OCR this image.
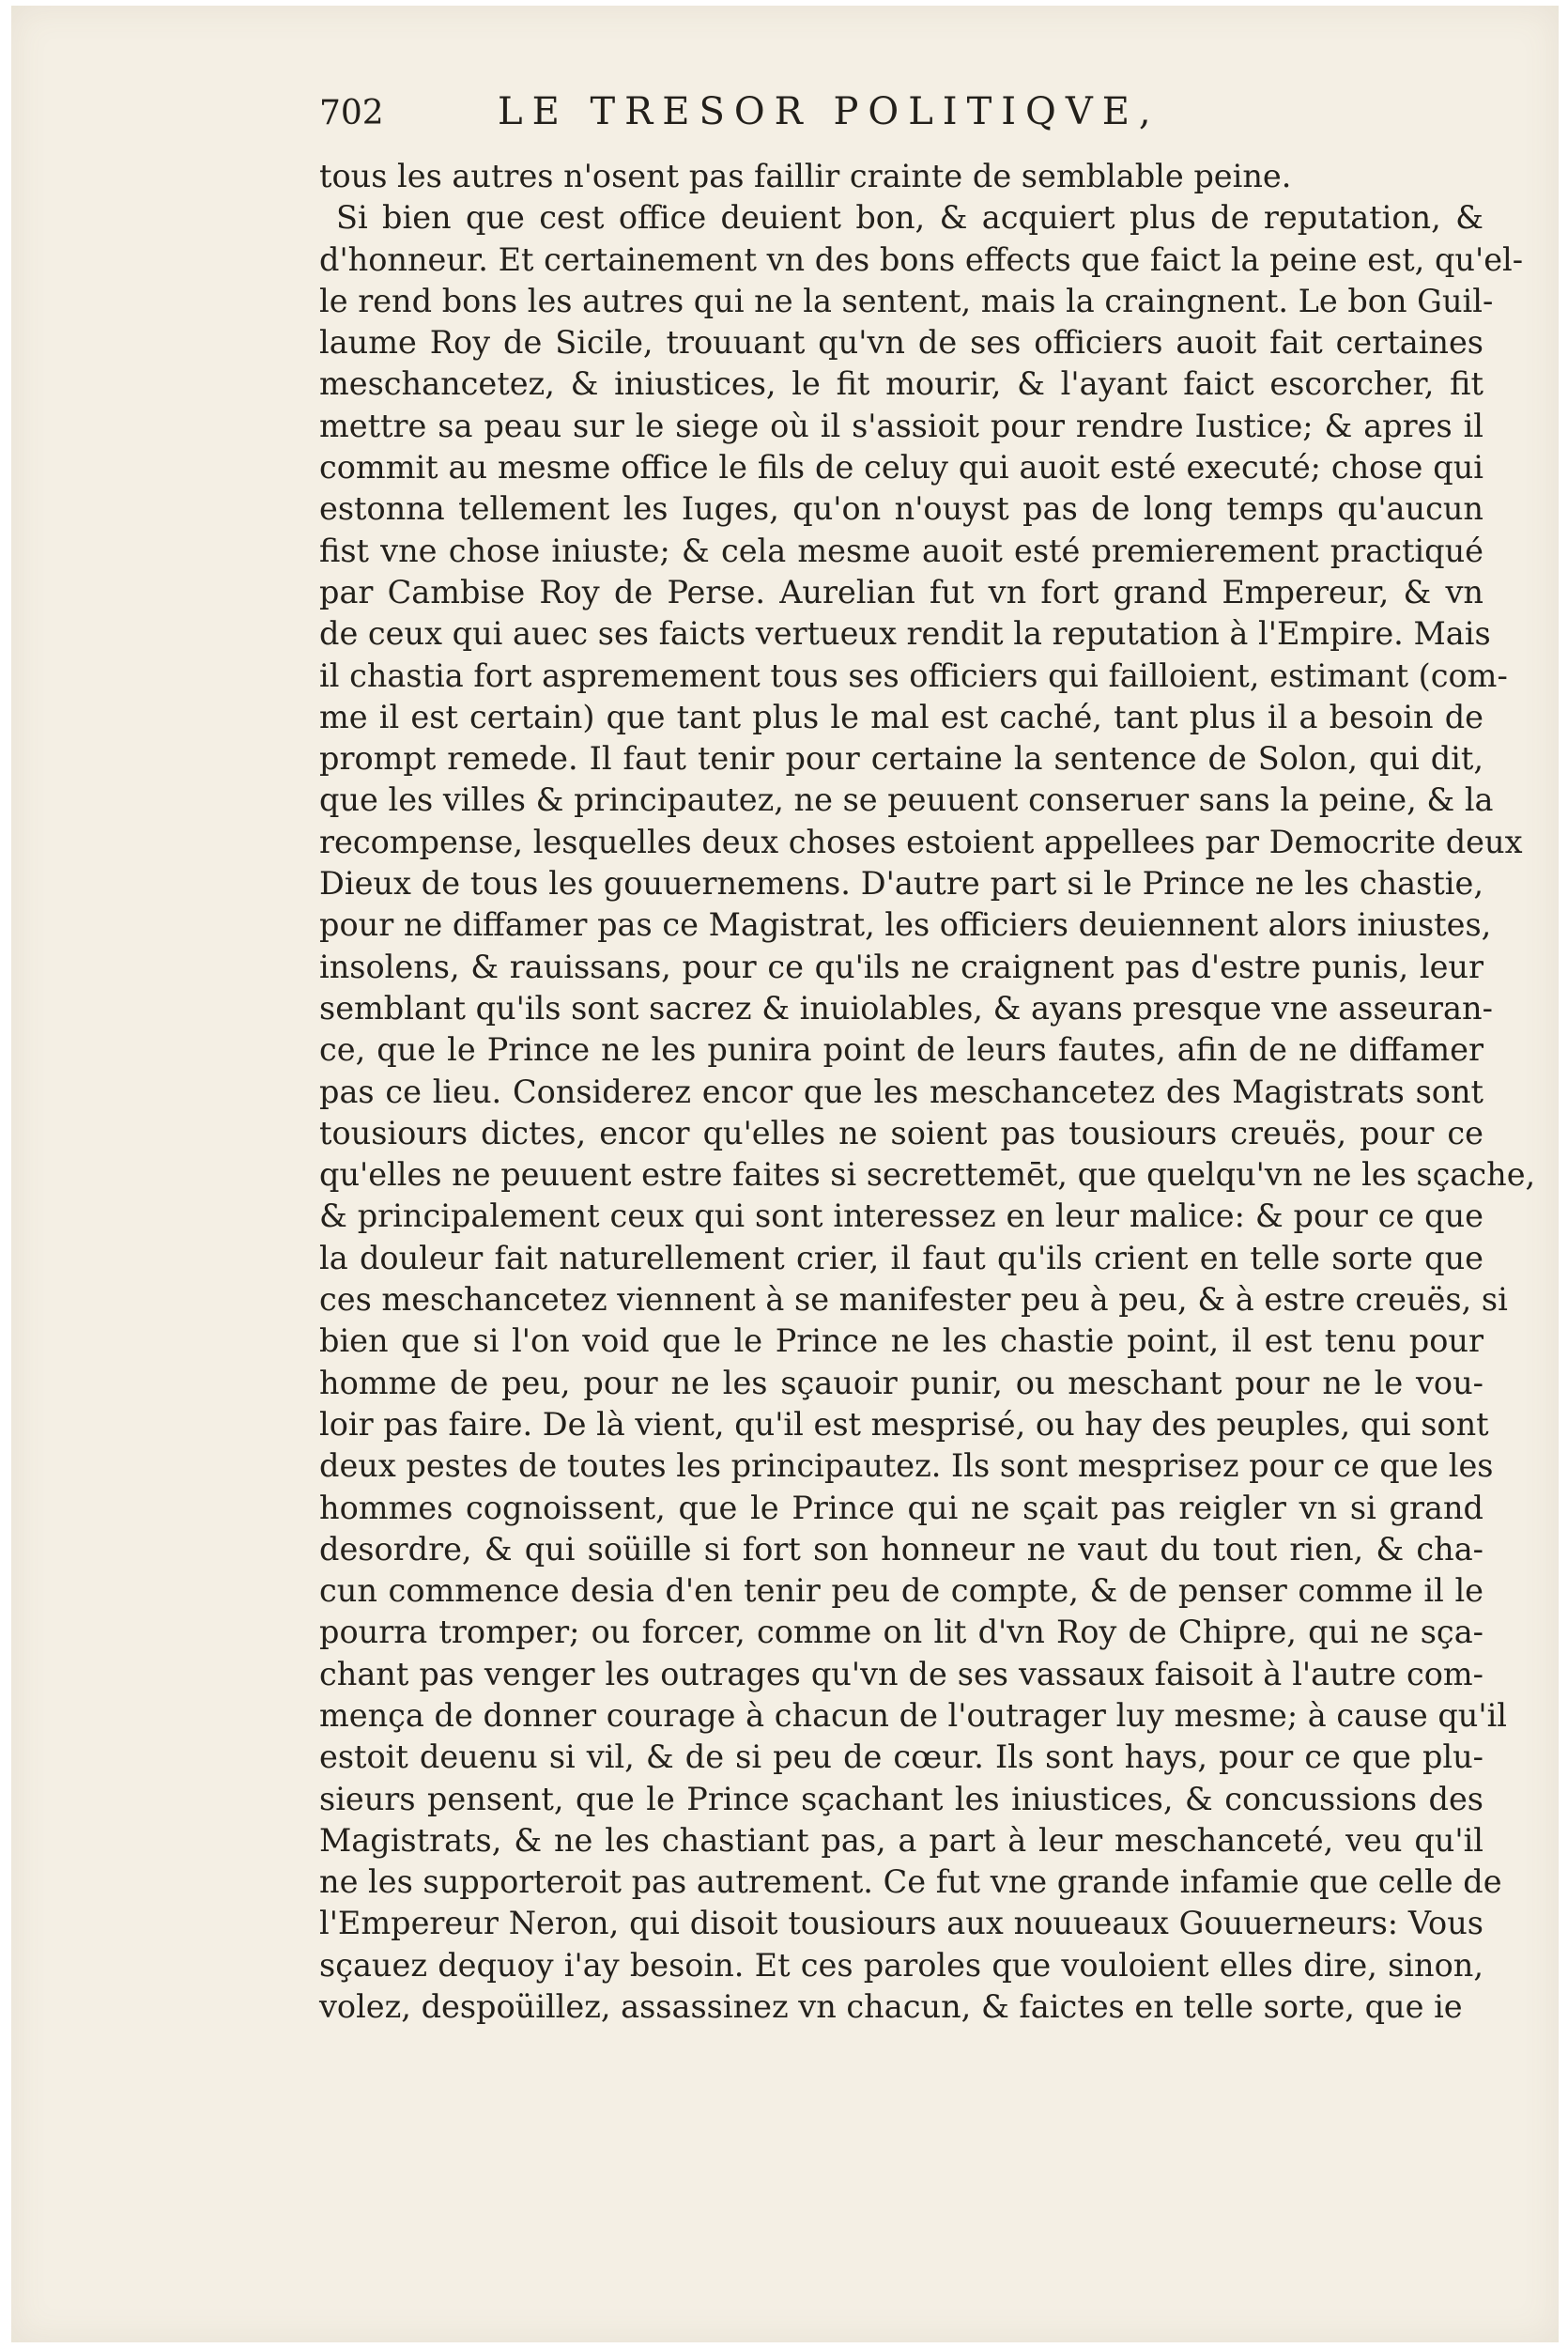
702	LE TRESOR POLITIQVE,
tous les autres n'osent pas faillir crainte de semblable peine.
Si bien que cest office deuient bon, & acquiert plus de reputation, &
d'honneur. Et certainement vn des bons effects que faict la peine est, qu'el-
le rend bons les autres qui ne la sentent, mais la craingnent. Le bon Guil-
laume Roy de Sicile, trouuant qu'vn de ses officiers auoit fait certaines
meschancetez, & iniustices, le fit mourir, & l'ayant faict escorcher, fit
mettre sa peau sur le siege où il s'assioit pour rendre Iustice; & apres il
commit au mesme office le fils de celuy qui auoit esté executé; chose qui
estonna tellement les Iuges, qu'on n'ouyst pas de long temps qu'aucun
fist vne chose iniuste; & cela mesme auoit esté premierement practiqué
par Cambise Roy de Perse. Aurelian fut vn fort grand Empereur, & vn
de ceux qui auec ses faicts vertueux rendit la reputation à l'Empire. Mais
il chastia fort aspremement tous ses officiers qui failloient, estimant (com-
me il est certain) que tant plus le mal est caché, tant plus il a besoin de
prompt remede. Il faut tenir pour certaine la sentence de Solon, qui dit,
que les villes & principautez, ne se peuuent conseruer sans la peine, & la
recompense, lesquelles deux choses estoient appellees par Democrite deux
Dieux de tous les gouuernemens. D'autre part si le Prince ne les chastie,
pour ne diffamer pas ce Magistrat, les officiers deuiennent alors iniustes,
insolens, & rauissans, pour ce qu'ils ne craignent pas d'estre punis, leur
semblant qu'ils sont sacrez & inuiolables, & ayans presque vne asseuran-
ce, que le Prince ne les punira point de leurs fautes, afin de ne diffamer
pas ce lieu. Considerez encor que les meschancetez des Magistrats sont
tousiours dictes, encor qu'elles ne soient pas tousiours creuës, pour ce
qu'elles ne peuuent estre faites si secrettemēt, que quelqu'vn ne les sçache,
& principalement ceux qui sont interessez en leur malice: & pour ce que
la douleur fait naturellement crier, il faut qu'ils crient en telle sorte que
ces meschancetez viennent à se manifester peu à peu, & à estre creuës, si
bien que si l'on void que le Prince ne les chastie point, il est tenu pour
homme de peu, pour ne les sçauoir punir, ou meschant pour ne le vou-
loir pas faire. De là vient, qu'il est mesprisé, ou hay des peuples, qui sont
deux pestes de toutes les principautez. Ils sont mesprisez pour ce que les
hommes cognoissent, que le Prince qui ne sçait pas reigler vn si grand
desordre, & qui soüille si fort son honneur ne vaut du tout rien, & cha-
cun commence desia d'en tenir peu de compte, & de penser comme il le
pourra tromper; ou forcer, comme on lit d'vn Roy de Chipre, qui ne sça-
chant pas venger les outrages qu'vn de ses vassaux faisoit à l'autre com-
mença de donner courage à chacun de l'outrager luy mesme; à cause qu'il
estoit deuenu si vil, & de si peu de cœur. Ils sont hays, pour ce que plu-
sieurs pensent, que le Prince sçachant les iniustices, & concussions des
Magistrats, & ne les chastiant pas, a part à leur meschanceté, veu qu'il
ne les supporteroit pas autrement. Ce fut vne grande infamie que celle de
l'Empereur Neron, qui disoit tousiours aux nouueaux Gouuerneurs: Vous
sçauez dequoy i'ay besoin. Et ces paroles que vouloient elles dire, sinon,
volez, despoüillez, assassinez vn chacun, & faictes en telle sorte, que ie
